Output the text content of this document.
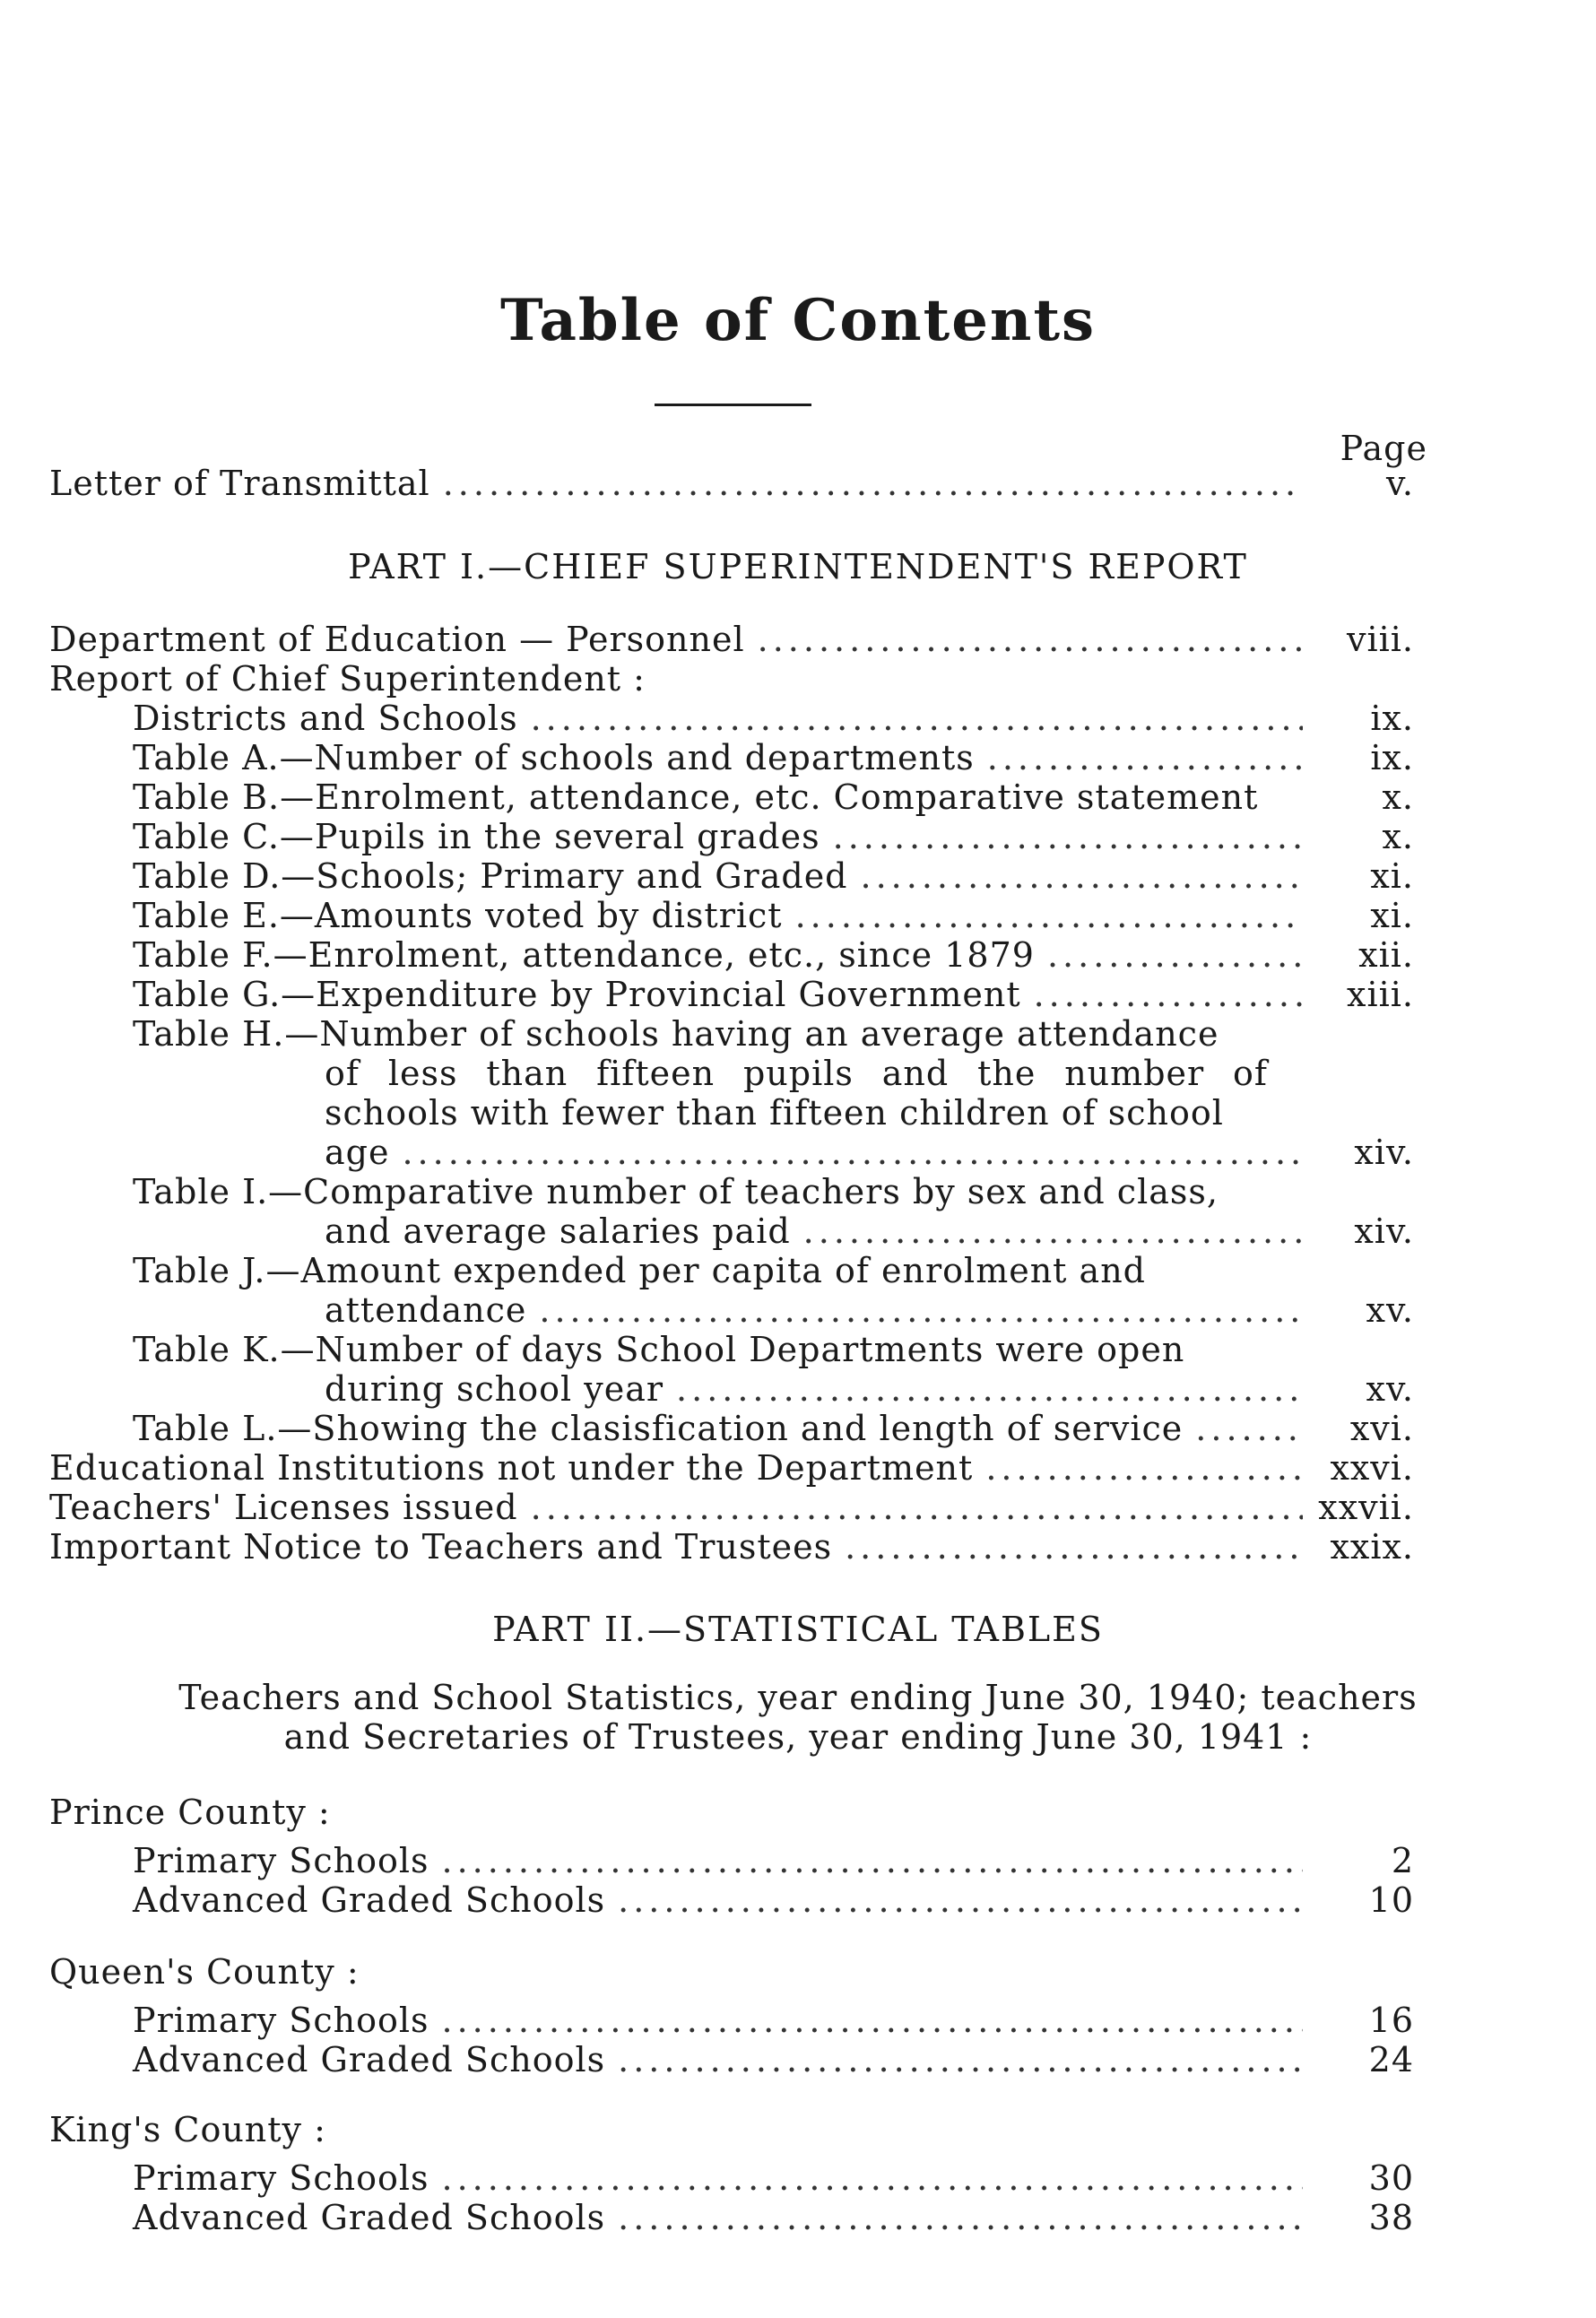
Table of Contents
Page
Letter of Transmittal .....	v.
PART I.—CHIEF SUPERINTENDENT'S REPORT
Department of Education — Personnel .....	viii.
Report of Chief Superintendent :
Districts and Schools .....	ix.
Table A.—Number of schools and departments .....	ix.
Table B.—Enrolment, attendance, etc. Comparative statement	x.
Table C.—Pupils in the several grades .....	x.
Table D.—Schools; Primary and Graded .....	xi.
Table E.—Amounts voted by district .....	xi.
Table F.—Enrolment, attendance, etc., since 1879 .....	xii.
Table G.—Expenditure by Provincial Government .....	xiii.
Table H.—Number of schools having an average attendance
of less than fifteen pupils and the number of
schools with fewer than fifteen children of school
age .....	xiv.
Table I.—Comparative number of teachers by sex and class,
and average salaries paid .....	xiv.
Table J.—Amount expended per capita of enrolment and
attendance .....	xv.
Table K.—Number of days School Departments were open
during school year .....	xv.
Table L.—Showing the clasisfication and length of service .....	xvi.
Educational Institutions not under the Department .....	xxvi.
Teachers' Licenses issued .....	xxvii.
Important Notice to Teachers and Trustees .....	xxix.
PART II.—STATISTICAL TABLES
Teachers and School Statistics, year ending June 30, 1940; teachers
and Secretaries of Trustees, year ending June 30, 1941 :
Prince County :
Primary Schools .....	2
Advanced Graded Schools .....	10
Queen's County :
Primary Schools .....	16
Advanced Graded Schools .....	24
King's County :
Primary Schools .....	30
Advanced Graded Schools .....	38
